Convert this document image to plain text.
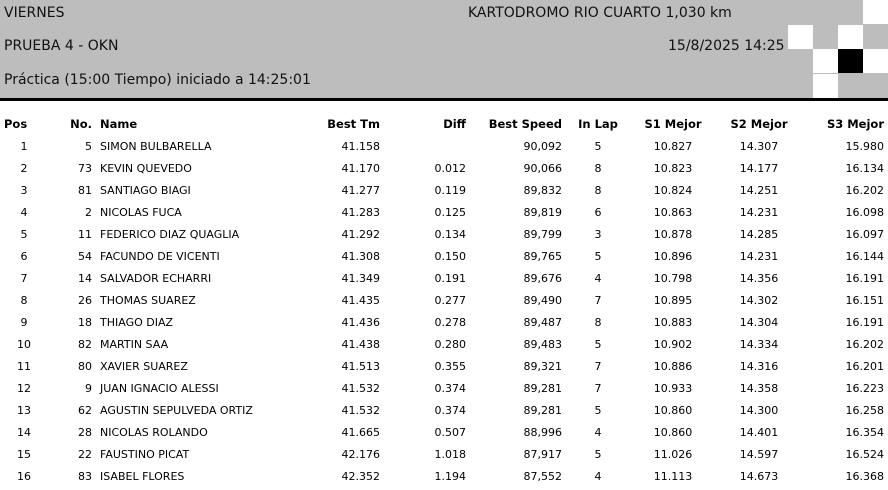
VIERNES
PRUEBA 4 - OKN
Práctica (15:00 Tiempo) iniciado a 14:25:01
KARTODROMO RIO CUARTO 1,030 km
15/8/2025 14:25
Pos	No.	Name	Best Tm	Diff	Best Speed	In Lap	S1 Mejor	S2 Mejor	S3 Mejor
1	5	SIMON BULBARELLA	41.158		90,092	5	10.827	14.307	15.980
2	73	KEVIN QUEVEDO	41.170	0.012	90,066	8	10.823	14.177	16.134
3	81	SANTIAGO BIAGI	41.277	0.119	89,832	8	10.824	14.251	16.202
4	2	NICOLAS FUCA	41.283	0.125	89,819	6	10.863	14.231	16.098
5	11	FEDERICO DIAZ QUAGLIA	41.292	0.134	89,799	3	10.878	14.285	16.097
6	54	FACUNDO DE VICENTI	41.308	0.150	89,765	5	10.896	14.231	16.144
7	14	SALVADOR ECHARRI	41.349	0.191	89,676	4	10.798	14.356	16.191
8	26	THOMAS SUAREZ	41.435	0.277	89,490	7	10.895	14.302	16.151
9	18	THIAGO DIAZ	41.436	0.278	89,487	8	10.883	14.304	16.191
10	82	MARTIN SAA	41.438	0.280	89,483	5	10.902	14.334	16.202
11	80	XAVIER SUAREZ	41.513	0.355	89,321	7	10.886	14.316	16.201
12	9	JUAN IGNACIO ALESSI	41.532	0.374	89,281	7	10.933	14.358	16.223
13	62	AGUSTIN SEPULVEDA ORTIZ	41.532	0.374	89,281	5	10.860	14.300	16.258
14	28	NICOLAS ROLANDO	41.665	0.507	88,996	4	10.860	14.401	16.354
15	22	FAUSTINO PICAT	42.176	1.018	87,917	5	11.026	14.597	16.524
16	83	ISABEL FLORES	42.352	1.194	87,552	4	11.113	14.673	16.368
